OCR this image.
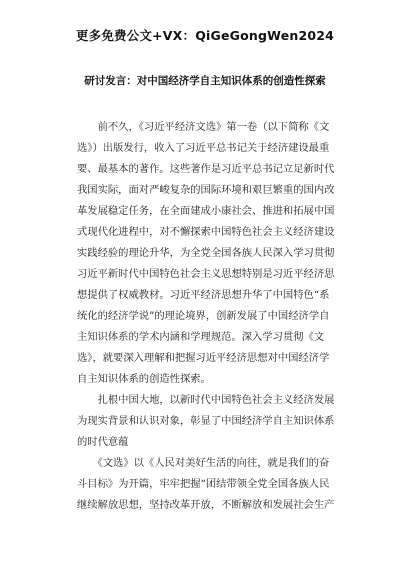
更多免费公文+VX：QiGeGongWen2024
研讨发言：对中国经济学自主知识体系的创造性探索
　　前不久，《习近平经济文选》第一卷（以下简称《文
选》）出版发行，收入了习近平总书记关于经济建设最重
要、最基本的著作。这些著作是习近平总书记立足新时代
我国实际，面对严峻复杂的国际环境和艰巨繁重的国内改
革发展稳定任务，在全面建成小康社会、推进和拓展中国
式现代化进程中，对不懈探索中国特色社会主义经济建设
实践经验的理论升华，为全党全国各族人民深入学习贯彻
习近平新时代中国特色社会主义思想特别是习近平经济思
想提供了权威教材。习近平经济思想升华了中国特色“系
统化的经济学说”的理论境界，创新发展了中国经济学自
主知识体系的学术内涵和学理规范。深入学习贯彻《文
选》，就要深入理解和把握习近平经济思想对中国经济学
自主知识体系的创造性探索。
　　扎根中国大地，以新时代中国特色社会主义经济发展
为现实背景和认识对象，彰显了中国经济学自主知识体系
的时代意蕴
　　《文选》以《人民对美好生活的向往，就是我们的奋
斗目标》为开篇，牢牢把握“团结带领全党全国各族人民
继续解放思想，坚持改革开放，不断解放和发展社会生产
